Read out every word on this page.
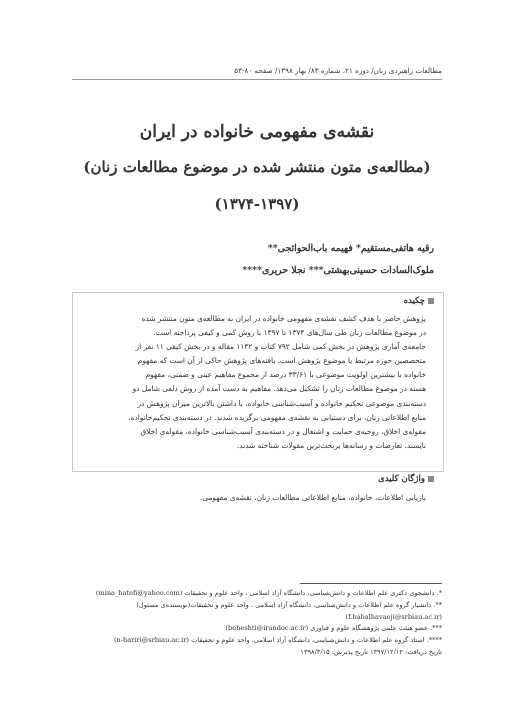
مطالعات راهبردی زنان/ دوره ۲۱، شماره ۸۳/ بهار ۱۳۹۸/ صفحه ۸۰-۵۳
نقشه‌ی مفهومی خانواده در ایران
(مطالعه‌ی متون منتشر شده در موضوع مطالعات زنان)
(۱۳۷۴-۱۳۹۷)
رقیه هاتفی‌مستقیم* فهیمه باب‌الحوائجی**
ملوک‌السادات حسینی‌بهشتی*** نجلا حریری****
چکیده
پژوهش حاضر با هدف کشف نقشه‌ی مفهومی خانواده در ایران به مطالعه‌ی متون منتشر شده
در موضوع مطالعات زنان طی سال‌های ۱۳۷۴ تا ۱۳۹۷ با روش کمی و کیفی پرداخته است.
جامعه‌ی آماری پژوهش در بخش کمی شامل ۷۹۲ کتاب و ۱۱۴۲ مقاله و در بخش کیفی ۱۱ نفر از
متخصصین حوزه مرتبط با موضوع پژوهش است. یافته‌های پژوهش حاکی از آن است که مفهوم
خانواده با بیشترین اولویت موضوعی با ۳۳/۶۱ درصد از مجموع مفاهیم عینی و ضمنی، مفهوم
هسته در موضوع مطالعات زنان را تشکیل می‌دهد. مفاهیم به دست آمده از روش دلفی شامل دو
دسته‌بندی موضوعی تحکیم خانواده و آسیب‌شناسی خانواده، با داشتن بالاترین میزان پژوهش در
منابع اطلاعاتی زنان، برای دستیابی به نقشه‌ی مفهومی برگزیده شدند. در دسته‌بندی تحکیم‌خانواده،
مقوله‌ی اخلاق، روحیه‌ی حمایت و اشتغال و در دسته‌بندی آسیب‌شناسی خانواده، مقوله‌ی اخلاق
ناپسند، تعارضات و رسانه‌ها پربحث‌ترین مقولات شناخته شدند.
واژگان کلیدی
بازیابی اطلاعات، خانواده، منابع اطلاعاتی مطالعات زنان، نقشه‌ی مفهومی.
*. دانشجوی دکتری علم اطلاعات و دانش‌شناسی، دانشگاه آزاد اسلامی ، واحد علوم و تحقیقات (mina_hatefi@yahoo.com)
**. دانشیار گروه علم اطلاعات و دانش‌شناسی، دانشگاه آزاد اسلامی ، واحد علوم و تحقیقات(نویسنده‌ی مسئول)
(f.babalhavaeji@srbiau.ac.ir)
***. عضو هیئت علمی پژوهشگاه علوم و فناوری (beheshti@irandoc.ac.ir)
****. استاد گروه علم اطلاعات و دانش‌شناسی، دانشگاه آزاد اسلامی، واحد علوم و تحقیقات (n-hariri@srbiau.ac.ir)
تاریخ دریافت: ۱۳۹۷/۱۲/۱۲ تاریخ پذیرش: ۱۳۹۸/۳/۱۵
